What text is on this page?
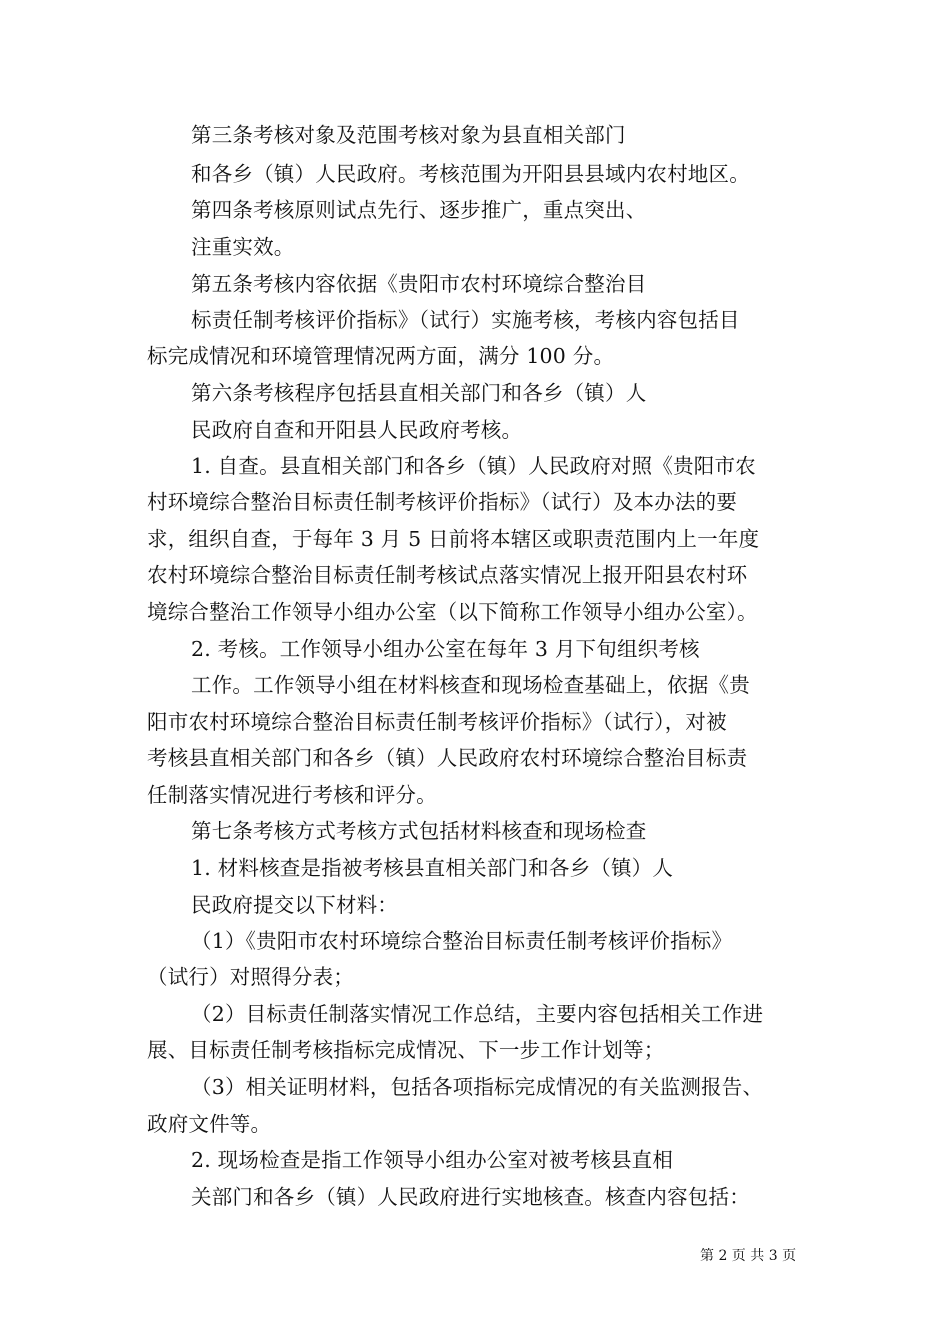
第三条考核对象及范围考核对象为县直相关部门
和各乡（镇）人民政府。考核范围为开阳县县域内农村地区。
第四条考核原则试点先行、逐步推广，重点突出、
注重实效。
第五条考核内容依据《贵阳市农村环境综合整治目
标责任制考核评价指标》（试行）实施考核，考核内容包括目
标完成情况和环境管理情况两方面，满分 100 分。
第六条考核程序包括县直相关部门和各乡（镇）人
民政府自查和开阳县人民政府考核。
1. 自查。县直相关部门和各乡（镇）人民政府对照《贵阳市农
村环境综合整治目标责任制考核评价指标》（试行）及本办法的要
求，组织自查，于每年 3 月 5 日前将本辖区或职责范围内上一年度
农村环境综合整治目标责任制考核试点落实情况上报开阳县农村环
境综合整治工作领导小组办公室（以下简称工作领导小组办公室）。
2. 考核。工作领导小组办公室在每年 3 月下旬组织考核
工作。工作领导小组在材料核查和现场检查基础上，依据《贵
阳市农村环境综合整治目标责任制考核评价指标》（试行），对被
考核县直相关部门和各乡（镇）人民政府农村环境综合整治目标责
任制落实情况进行考核和评分。
第七条考核方式考核方式包括材料核查和现场检查
1. 材料核查是指被考核县直相关部门和各乡（镇）人
民政府提交以下材料：
（1）《贵阳市农村环境综合整治目标责任制考核评价指标》
（试行）对照得分表；
（2）目标责任制落实情况工作总结，主要内容包括相关工作进
展、目标责任制考核指标完成情况、下一步工作计划等；
（3）相关证明材料，包括各项指标完成情况的有关监测报告、
政府文件等。
2. 现场检查是指工作领导小组办公室对被考核县直相
关部门和各乡（镇）人民政府进行实地核查。核查内容包括：
第 2 页 共 3 页
